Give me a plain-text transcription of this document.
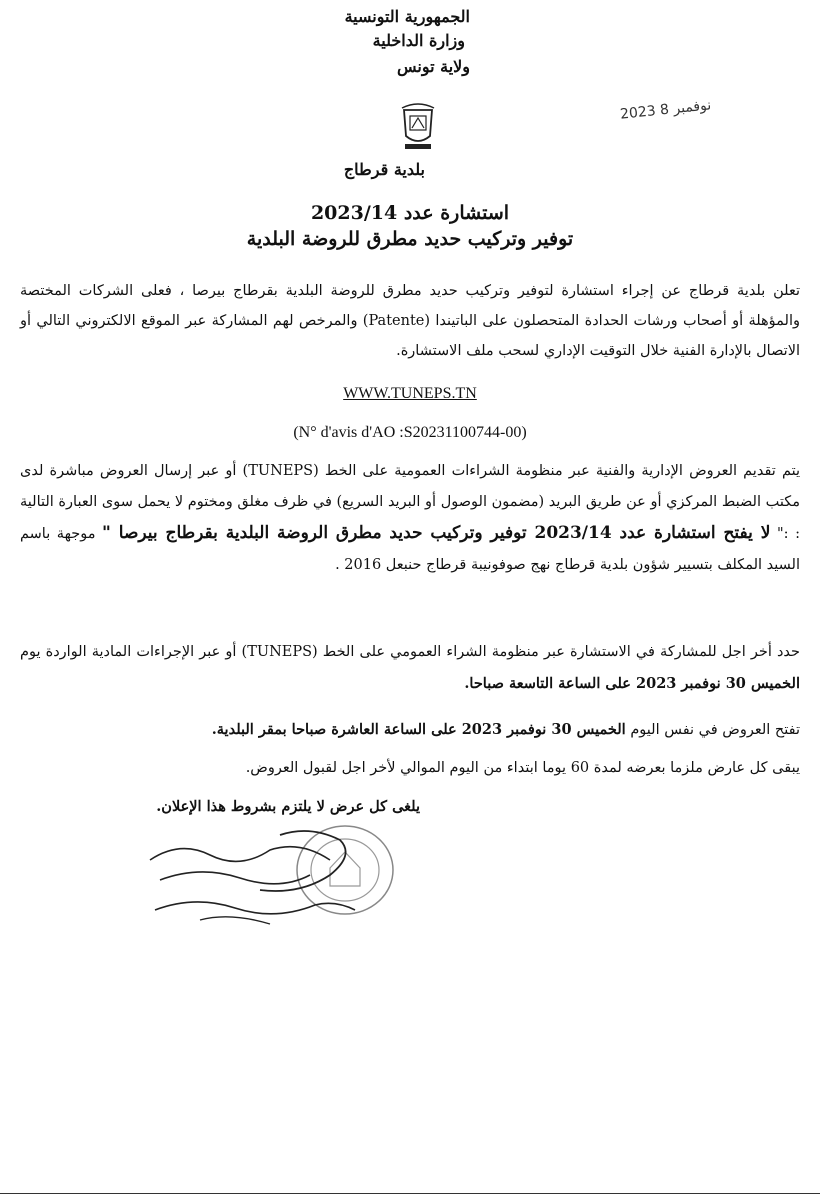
الجمهورية التونسية
وزارة الداخلية
ولاية تونس
2023 نوفمبر 8
بلدية قرطاج
استشارة عدد 2023/14
توفير وتركيب حديد مطرق للروضة البلدية
تعلن بلدية قرطاج عن إجراء استشارة لتوفير وتركيب حديد مطرق للروضة البلدية بقرطاج بيرصا ، فعلى الشركات المختصة والمؤهلة أو أصحاب ورشات الحدادة المتحصلون على الباتيندا (Patente) والمرخص لهم المشاركة عبر الموقع الالكتروني التالي أو الاتصال بالإدارة الفنية خلال التوقيت الإداري لسحب ملف الاستشارة.
WWW.TUNEPS.TN
(N° d'avis d'AO :S20231100744-00)
يتم تقديم العروض الإدارية والفنية عبر منظومة الشراءات العمومية على الخط (TUNEPS) أو عبر إرسال العروض مباشرة لدى مكتب الضبط المركزي أو عن طريق البريد (مضمون الوصول أو البريد السريع) في ظرف مغلق ومختوم لا يحمل سوى العبارة التالية : :" لا يفتح استشارة عدد 2023/14 توفير وتركيب حديد مطرق الروضة البلدية بقرطاج بيرصا " موجهة باسم السيد المكلف بتسيير شؤون بلدية قرطاج نهج صوفونيبة قرطاج حنبعل 2016 .
حدد أخر اجل للمشاركة في الاستشارة عبر منظومة الشراء العمومي على الخط (TUNEPS) أو عبر الإجراءات المادية الواردة يوم الخميس 30 نوفمبر 2023 على الساعة التاسعة صباحا.
تفتح العروض في نفس اليوم الخميس 30 نوفمبر 2023 على الساعة العاشرة صباحا بمقر البلدية.
يبقى كل عارض ملزما بعرضه لمدة 60 يوما ابتداء من اليوم الموالي لأخر اجل لقبول العروض.
يلغى كل عرض لا يلتزم بشروط هذا الإعلان.
